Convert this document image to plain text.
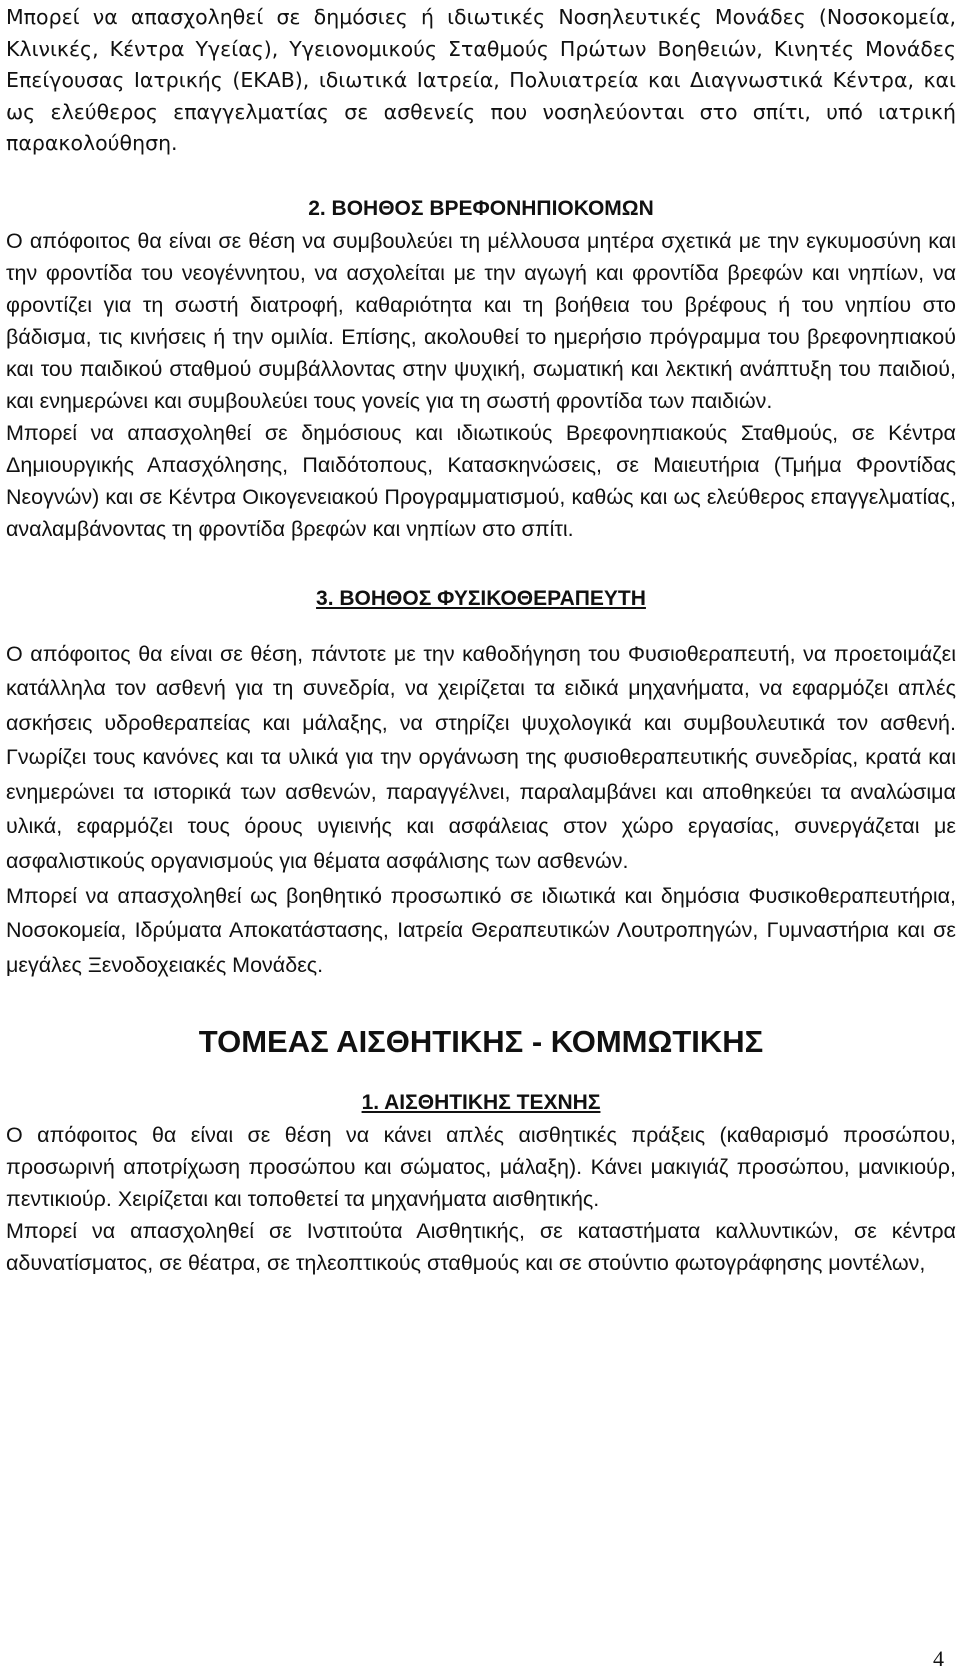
Μπορεί να απασχοληθεί σε δημόσιες ή ιδιωτικές Νοσηλευτικές Μονάδες (Νοσοκομεία, Κλινικές, Κέντρα Υγείας), Υγειονομικούς Σταθμούς Πρώτων Βοηθειών, Κινητές Μονάδες Επείγουσας Ιατρικής (ΕΚΑΒ), ιδιωτικά Ιατρεία, Πολυιατρεία και Διαγνωστικά Κέντρα, και ως ελεύθερος επαγγελματίας σε ασθενείς που νοσηλεύονται στο σπίτι, υπό ιατρική παρακολούθηση.

2. ΒΟΗΘΟΣ ΒΡΕΦΟΝΗΠΙΟΚΟΜΩΝ

Ο απόφοιτος θα είναι σε θέση να συμβουλεύει τη μέλλουσα μητέρα σχετικά με την εγκυμοσύνη και την φροντίδα του νεογέννητου, να ασχολείται με την αγωγή και φροντίδα βρεφών και νηπίων, να φροντίζει για τη σωστή διατροφή, καθαριότητα και τη βοήθεια του βρέφους ή του νηπίου στο βάδισμα, τις κινήσεις ή την ομιλία. Επίσης, ακολουθεί το ημερήσιο πρόγραμμα του βρεφονηπιακού και του παιδικού σταθμού συμβάλλοντας στην ψυχική, σωματική και λεκτική ανάπτυξη του παιδιού, και ενημερώνει και συμβουλεύει τους γονείς για τη σωστή φροντίδα των παιδιών.

Μπορεί να απασχοληθεί σε δημόσιους και ιδιωτικούς Βρεφονηπιακούς Σταθμούς, σε Κέντρα Δημιουργικής Απασχόλησης, Παιδότοπους, Κατασκηνώσεις, σε Μαιευτήρια (Τμήμα Φροντίδας Νεογνών) και σε Κέντρα Οικογενειακού Προγραμματισμού, καθώς και ως ελεύθερος επαγγελματίας, αναλαμβάνοντας τη φροντίδα βρεφών και νηπίων στο σπίτι.

3. ΒΟΗΘΟΣ ΦΥΣΙΚΟΘΕΡΑΠΕΥΤΗ

Ο απόφοιτος θα είναι σε θέση, πάντοτε με την καθοδήγηση του Φυσιοθεραπευτή, να προετοιμάζει κατάλληλα τον ασθενή για τη συνεδρία, να χειρίζεται τα ειδικά μηχανήματα, να εφαρμόζει απλές ασκήσεις υδροθεραπείας και μάλαξης, να στηρίζει ψυχολογικά και συμβουλευτικά τον ασθενή. Γνωρίζει τους κανόνες και τα υλικά για την οργάνωση της φυσιοθεραπευτικής συνεδρίας, κρατά και ενημερώνει τα ιστορικά των ασθενών, παραγγέλνει, παραλαμβάνει και αποθηκεύει τα αναλώσιμα υλικά, εφαρμόζει τους όρους υγιεινής και ασφάλειας στον χώρο εργασίας, συνεργάζεται με ασφαλιστικούς οργανισμούς για θέματα ασφάλισης των ασθενών.

Μπορεί να απασχοληθεί ως βοηθητικό προσωπικό σε ιδιωτικά και δημόσια Φυσικοθεραπευτήρια, Νοσοκομεία, Ιδρύματα Αποκατάστασης, Ιατρεία Θεραπευτικών Λουτροπηγών, Γυμναστήρια και σε μεγάλες Ξενοδοχειακές Μονάδες.

ΤΟΜΕΑΣ ΑΙΣΘΗΤΙΚΗΣ - ΚΟΜΜΩΤΙΚΗΣ
1. ΑΙΣΘΗΤΙΚΗΣ ΤΕΧΝΗΣ

Ο απόφοιτος θα είναι σε θέση να κάνει απλές αισθητικές πράξεις (καθαρισμό προσώπου, προσωρινή αποτρίχωση προσώπου και σώματος, μάλαξη). Κάνει μακιγιάζ προσώπου, μανικιούρ, πεντικιούρ. Χειρίζεται και τοποθετεί τα μηχανήματα αισθητικής.

Μπορεί να απασχοληθεί σε Ινστιτούτα Αισθητικής, σε καταστήματα καλλυντικών, σε κέντρα αδυνατίσματος, σε θέατρα, σε τηλεοπτικούς σταθμούς και σε στούντιο φωτογράφησης μοντέλων,

4
